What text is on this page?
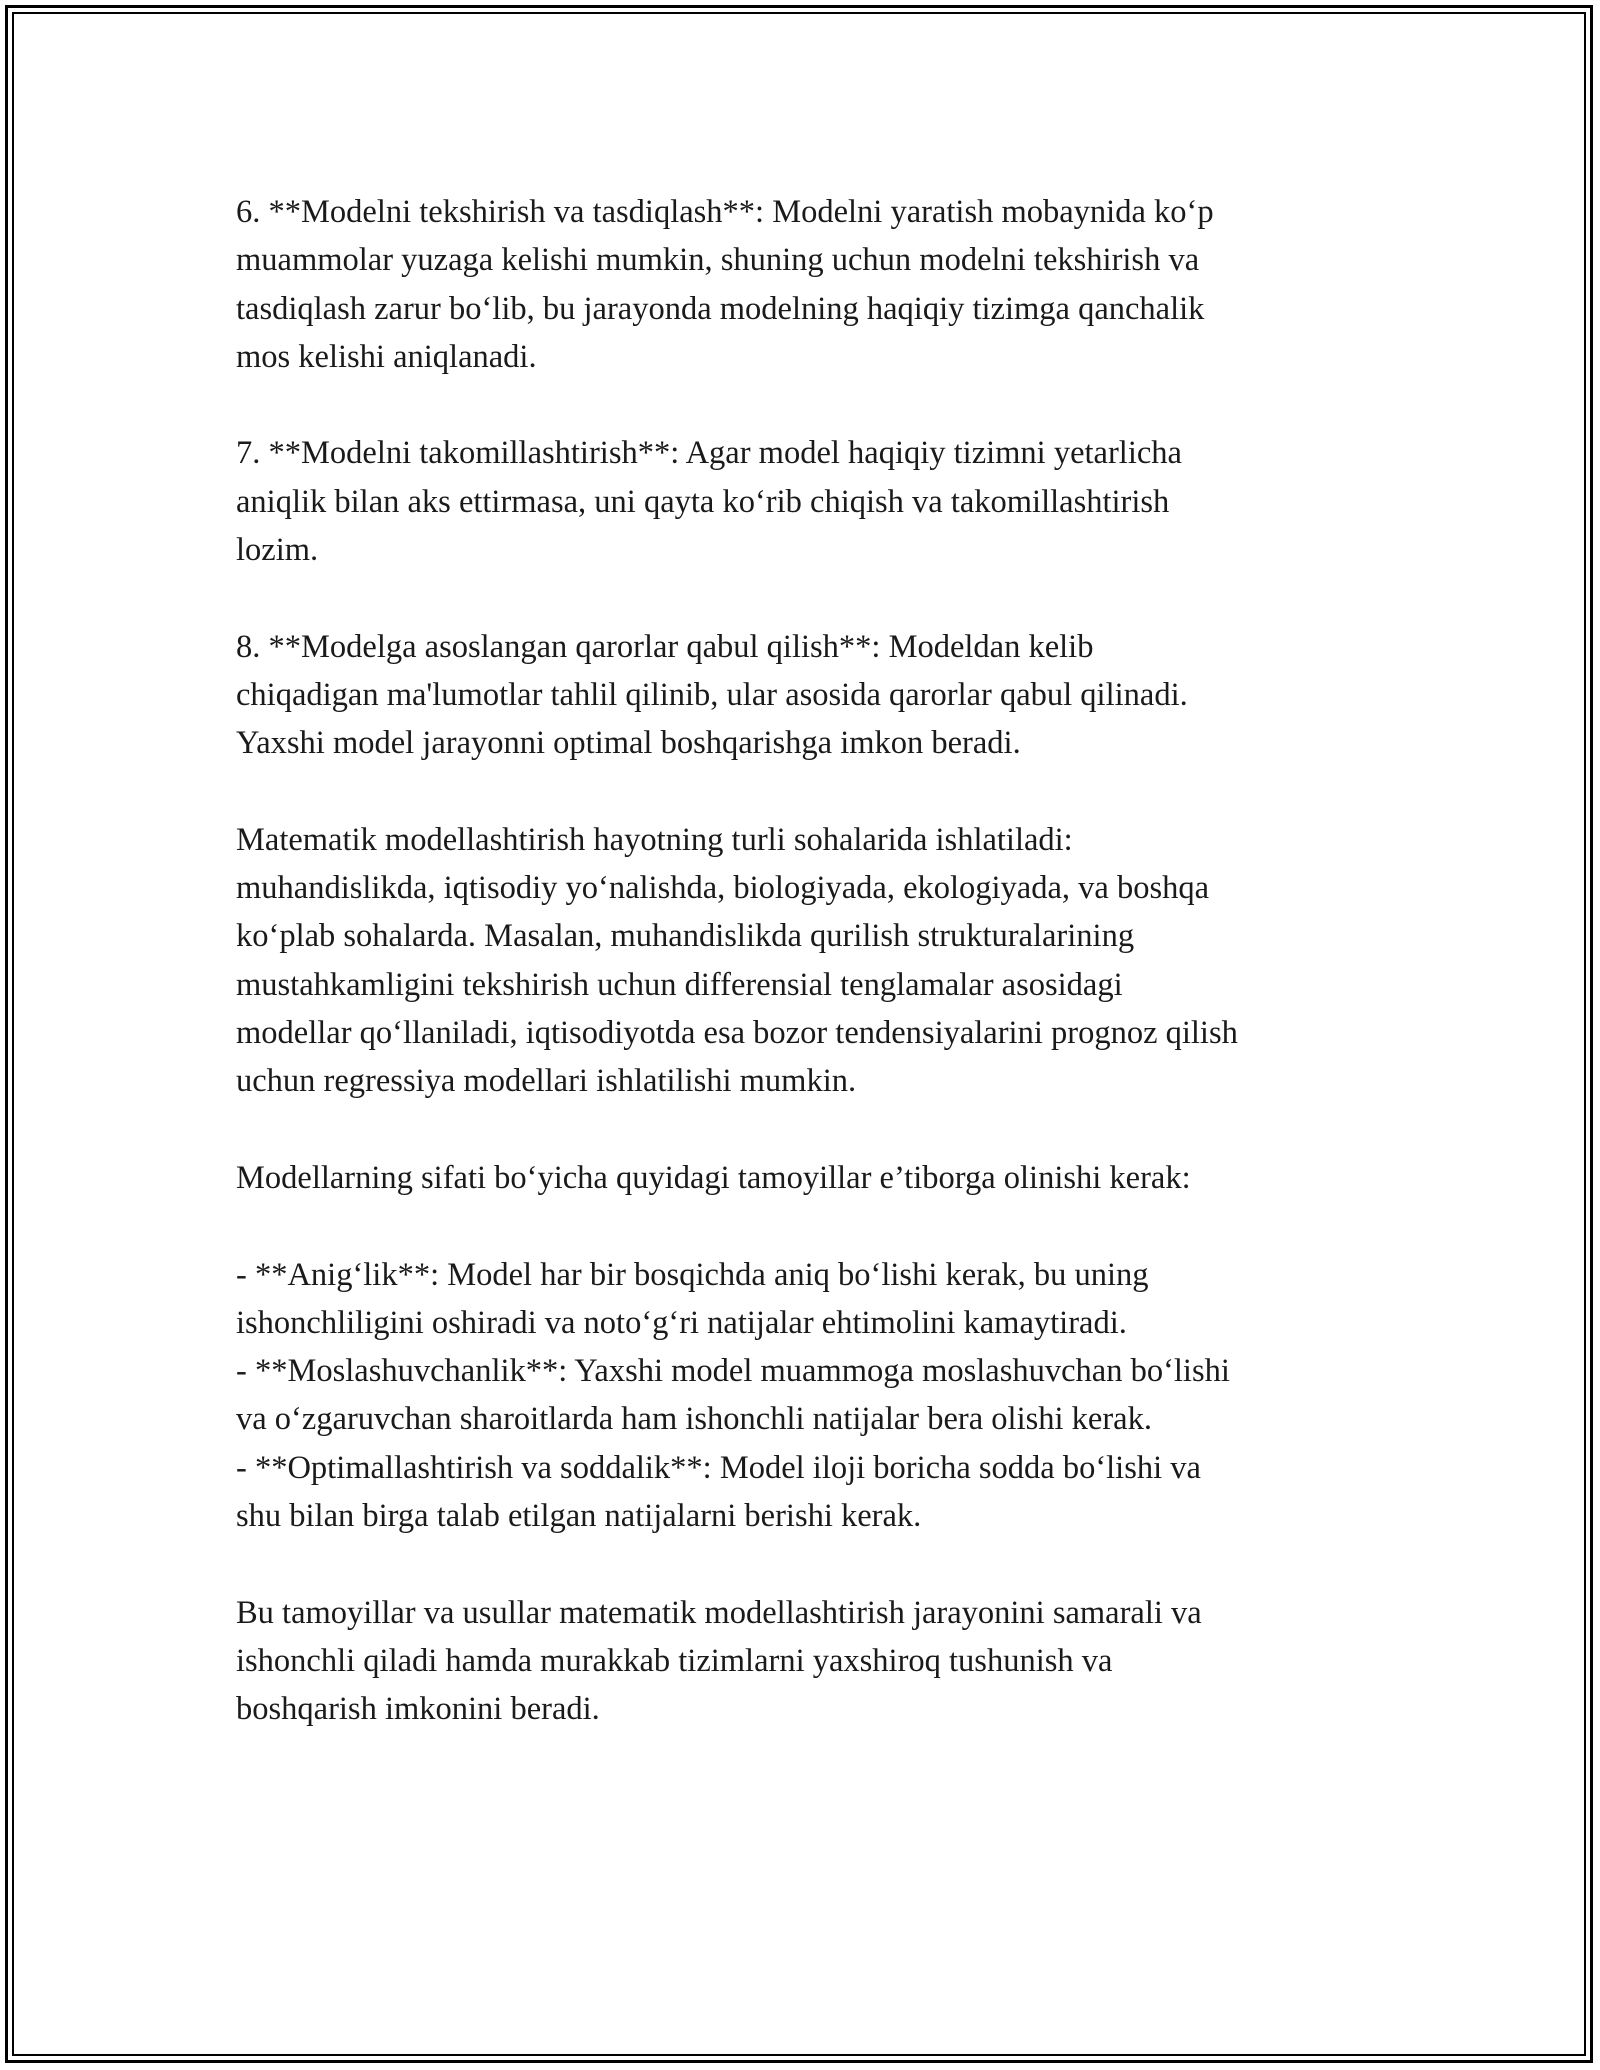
6. **Modelni tekshirish va tasdiqlash**: Modelni yaratish mobaynida ko‘p
muammolar yuzaga kelishi mumkin, shuning uchun modelni tekshirish va
tasdiqlash zarur bo‘lib, bu jarayonda modelning haqiqiy tizimga qanchalik
mos kelishi aniqlanadi.

7. **Modelni takomillashtirish**: Agar model haqiqiy tizimni yetarlicha
aniqlik bilan aks ettirmasa, uni qayta ko‘rib chiqish va takomillashtirish
lozim.

8. **Modelga asoslangan qarorlar qabul qilish**: Modeldan kelib
chiqadigan ma'lumotlar tahlil qilinib, ular asosida qarorlar qabul qilinadi.
Yaxshi model jarayonni optimal boshqarishga imkon beradi.

Matematik modellashtirish hayotning turli sohalarida ishlatiladi:
muhandislikda, iqtisodiy yo‘nalishda, biologiyada, ekologiyada, va boshqa
ko‘plab sohalarda. Masalan, muhandislikda qurilish strukturalarining
mustahkamligini tekshirish uchun differensial tenglamalar asosidagi
modellar qo‘llaniladi, iqtisodiyotda esa bozor tendensiyalarini prognoz qilish
uchun regressiya modellari ishlatilishi mumkin.

Modellarning sifati bo‘yicha quyidagi tamoyillar e’tiborga olinishi kerak:

- **Anig‘lik**: Model har bir bosqichda aniq bo‘lishi kerak, bu uning
ishonchliligini oshiradi va noto‘g‘ri natijalar ehtimolini kamaytiradi.
- **Moslashuvchanlik**: Yaxshi model muammoga moslashuvchan bo‘lishi
va o‘zgaruvchan sharoitlarda ham ishonchli natijalar bera olishi kerak.
- **Optimallashtirish va soddalik**: Model iloji boricha sodda bo‘lishi va
shu bilan birga talab etilgan natijalarni berishi kerak.

Bu tamoyillar va usullar matematik modellashtirish jarayonini samarali va
ishonchli qiladi hamda murakkab tizimlarni yaxshiroq tushunish va
boshqarish imkonini beradi.
